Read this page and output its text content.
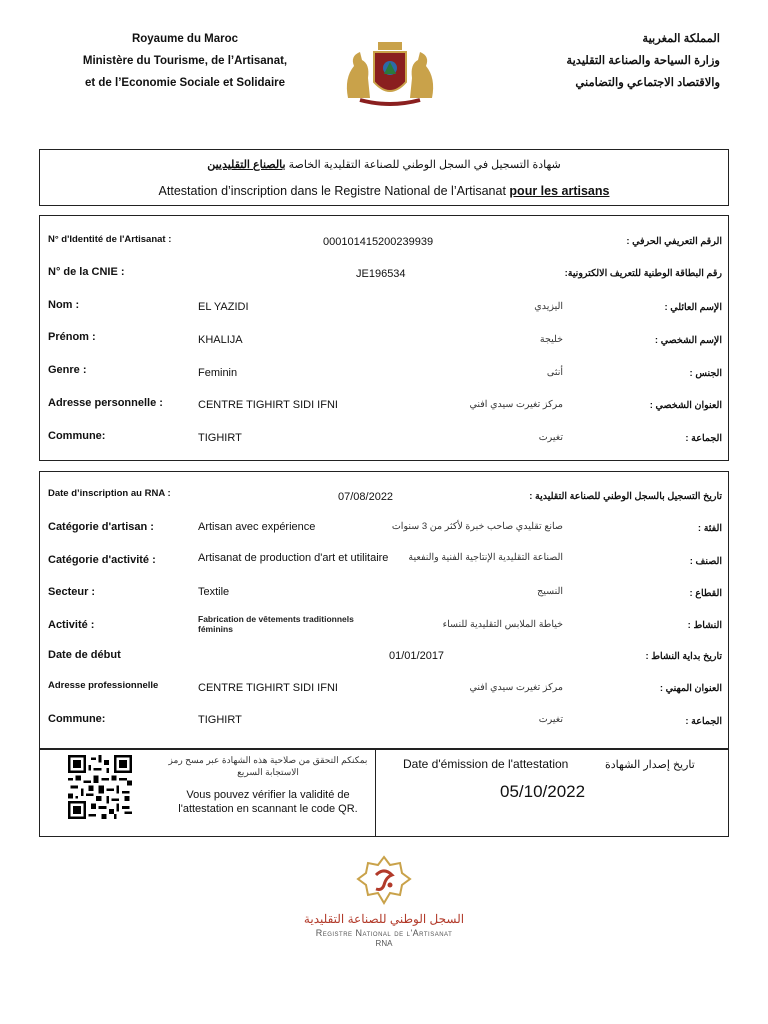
Royaume du Maroc
Ministère du Tourisme, de l’Artisanat,
et de l’Economie Sociale et Solidaire
المملكة المغربية
وزارة السياحة والصناعة التقليدية
والاقتصاد الاجتماعي والتضامني
شهادة التسجيل في السجل الوطني للصناعة التقليدية الخاصة بالصناع التقليديين
Attestation d’inscription dans le Registre National de l’Artisanat pour les artisans
N° d'Identité de l'Artisanat :	000101415200239939	الرقم التعريفي الحرفي :
N° de la CNIE :	JE196534	رقم البطاقة الوطنية للتعريف الالكترونية:
Nom :	EL YAZIDI	اليزيدي	الإسم العائلي :
Prénom :	KHALIJA	خليجة	الإسم الشخصي :
Genre :	Feminin	أنثى	الجنس :
Adresse personnelle :	CENTRE TIGHIRT SIDI IFNI	مركز تغيرت سيدي افني	العنوان الشخصي :
Commune:	TIGHIRT	تغيرت	الجماعة :
Date d’inscription au RNA :	07/08/2022	تاريخ التسجيل بالسجل الوطني للصناعة التقليدية :
Catégorie d'artisan :	Artisan avec expérience	صانع تقليدي صاحب خبرة لأكثر من 3 سنوات	الفئة :
Catégorie d'activité :	Artisanat de production d'art et utilitaire الصناعة التقليدية الإنتاجية الفنية والنفعية	الصنف :
Secteur :	Textile	النسيج	القطاع :
Activité :	Fabrication de vêtements traditionnels
féminins	خياطة الملابس التقليدية للنساء	النشاط :
Date de début	01/01/2017	تاريخ بداية النشاط :
Adresse professionnelle	CENTRE TIGHIRT SIDI IFNI	مركز تغيرت سيدي افني	العنوان المهني :
Commune:	TIGHIRT	تغيرت	الجماعة :
بمكنكم التحقق من صلاحية هذه الشهادة عبر مسح رمز الاستجابة السريع
Vous pouvez vérifier la validité de l'attestation en scannant le code QR.
Date d'émission de l'attestation	تاريخ إصدار الشهادة
05/10/2022
السجل الوطني للصناعة التقليدية
Registre National de l'Artisanat
RNA
